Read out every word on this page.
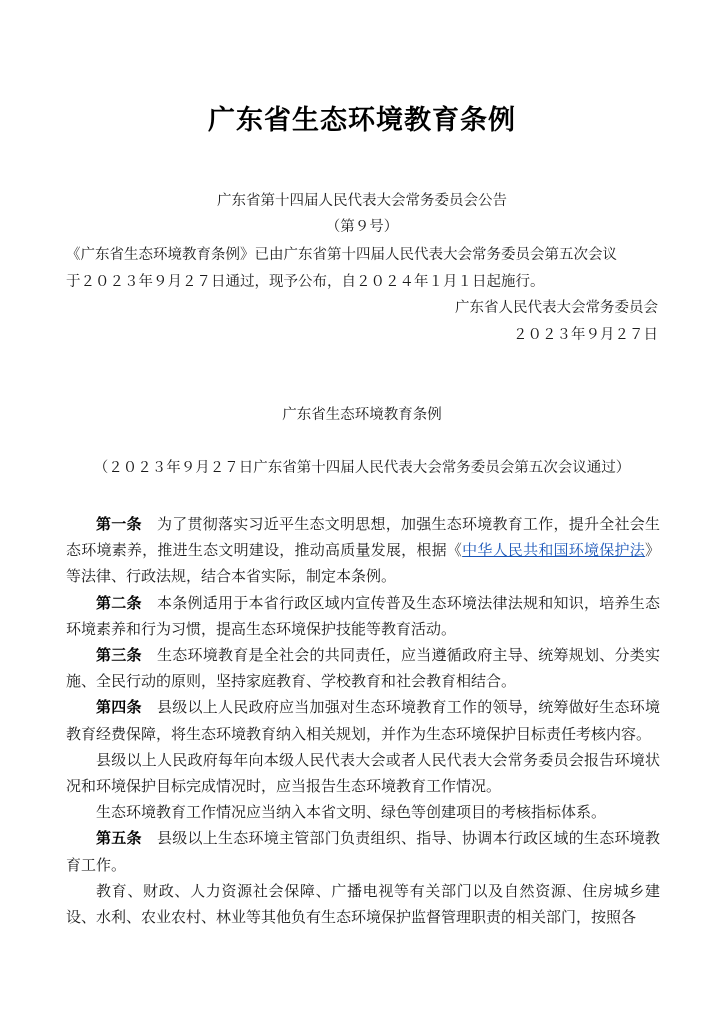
广东省生态环境教育条例

广东省第十四届人民代表大会常务委员会公告

（第９号）

《广东省生态环境教育条例》已由广东省第十四届人民代表大会常务委员会第五次会议

于２０２３年９月２７日通过，现予公布，自２０２４年１月１日起施行。

广东省人民代表大会常务委员会

２０２３年９月２７日

广东省生态环境教育条例

（２０２３年９月２７日广东省第十四届人民代表大会常务委员会第五次会议通过）

第一条　为了贯彻落实习近平生态文明思想，加强生态环境教育工作，提升全社会生态环境素养，推进生态文明建设，推动高质量发展，根据《中华人民共和国环境保护法》等法律、行政法规，结合本省实际，制定本条例。

第二条　本条例适用于本省行政区域内宣传普及生态环境法律法规和知识，培养生态环境素养和行为习惯，提高生态环境保护技能等教育活动。

第三条　生态环境教育是全社会的共同责任，应当遵循政府主导、统筹规划、分类实施、全民行动的原则，坚持家庭教育、学校教育和社会教育相结合。

第四条　县级以上人民政府应当加强对生态环境教育工作的领导，统筹做好生态环境教育经费保障，将生态环境教育纳入相关规划，并作为生态环境保护目标责任考核内容。

县级以上人民政府每年向本级人民代表大会或者人民代表大会常务委员会报告环境状况和环境保护目标完成情况时，应当报告生态环境教育工作情况。

生态环境教育工作情况应当纳入本省文明、绿色等创建项目的考核指标体系。

第五条　县级以上生态环境主管部门负责组织、指导、协调本行政区域的生态环境教育工作。

教育、财政、人力资源社会保障、广播电视等有关部门以及自然资源、住房城乡建设、水利、农业农村、林业等其他负有生态环境保护监督管理职责的相关部门，按照各
